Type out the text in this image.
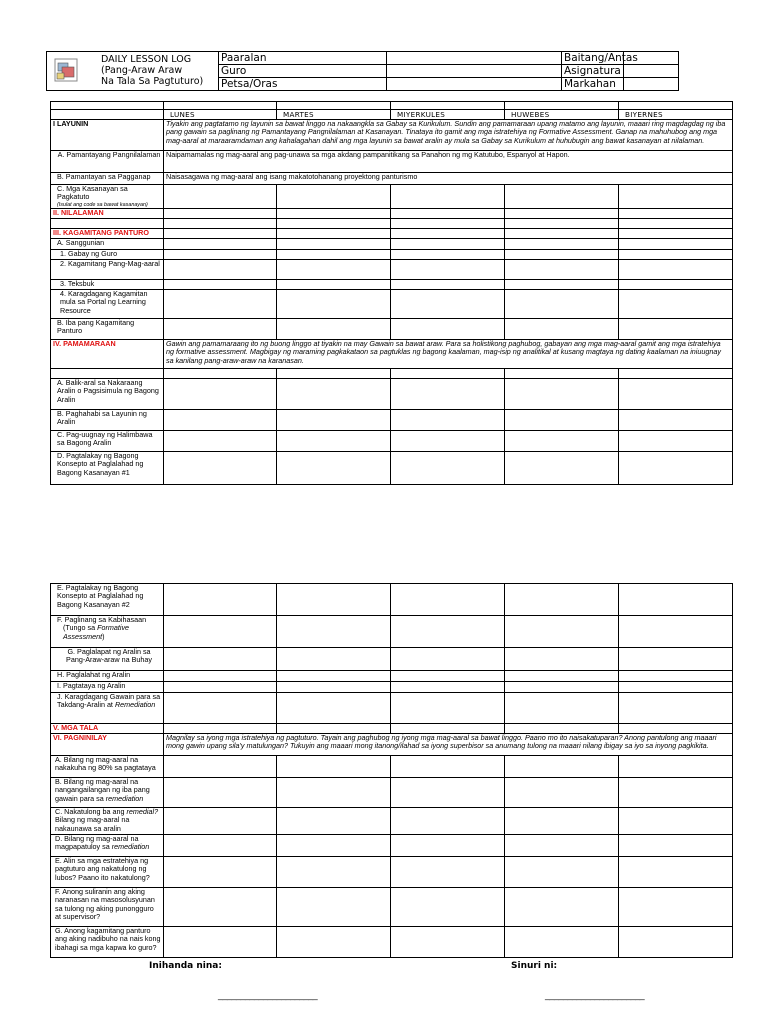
DAILY LESSON LOG
(Pang-Araw Araw
Na Tala Sa Pagtuturo)	Paaralan		Baitang/Antas	
	Guro		Asignatura	
	Petsa/Oras		Markahan	

	LUNES	MARTES	MIYERKULES	HUWEBES	BIYERNES
I LAYUNIN	Tiyakin ang pagtatamo ng layunin sa bawat linggo na nakaangkla sa Gabay sa Kurikulum. Sundin ang pamamaraan upang matamo ang layunin, maaari ring magdagdag ng iba pang gawain sa paglinang ng Pamantayang Pangnilalaman at Kasanayan. Tinataya ito gamit ang mga istratehiya ng Formative Assessment. Ganap na mahuhubog ang mga mag-aaral at maraaramdaman ang kahalagahan dahil ang mga layunin sa bawat aralin ay mula sa Gabay sa Kurikulum at huhubugin ang bawat kasanayan at nilalaman.				
A. Pamantayang Pangnilalaman	Naipamamalas ng mag-aaral ang pag-unawa sa mga akdang pampanitikang sa Panahon ng mg Katutubo, Espanyol at Hapon.				
B. Pamantayan sa Pagganap	Naisasagawa ng mag-aaral ang isang makatotohanang proyektong panturismo				

C. Mga Kasanayan sa Pagkatuto
(Isulat ang code sa bawat kasanayan)					

II. NILALAMAN					

III. KAGAMITANG PANTURO					
A. Sanggunian					
1. Gabay ng Guro					
2. Kagamitang Pang-Mag-aaral					
3. Teksbuk					
4. Karagdagang Kagamitan mula sa Portal ng Learning Resource					
B. Iba pang Kagamitang Panturo					
IV. PAMAMARAAN	Gawin ang pamamaraang ito ng buong linggo at tiyakin na may Gawain sa bawat araw. Para sa holistikong paghubog, gabayan ang mga mag-aaral gamit ang mga istratehiya ng formative assessment. Magbigay ng maraming pagkakataon sa pagtuklas ng bagong kaalaman, mag-isip ng analitikal at kusang magtaya ng dating kaalaman na iniuugnay sa kanilang pang-araw-araw na karanasan.				

A. Balik-aral sa Nakaraang Aralin o Pagsisimula ng Bagong Aralin					
B. Paghahabi sa Layunin ng Aralin					
C. Pag-uugnay ng Halimbawa sa Bagong Aralin					
D. Pagtalakay ng Bagong Konsepto at Paglalahad ng Bagong Kasanayan #1					
E. Pagtalakay ng Bagong Konsepto at Paglalahad ng Bagong Kasanayan #2					

F. Paglinang sa Kabihasaan
(Tungo sa Formative Assessment)					

G. Paglalapat ng Aralin sa Pang-Araw-araw na Buhay					
H. Paglalahat ng Aralin					
I. Pagtataya ng Aralin					
J. Karagdagang Gawain para sa Takdang-Aralin at Remediation					
V. MGA TALA					
VI. PAGNINILAY	Magnilay sa iyong mga istratehiya ng pagtuturo. Tayain ang paghubog ng iyong mga mag-aaral sa bawat linggo. Paano mo ito naisakatuparan? Anong pantulong ang maaari mong gawin upang sila'y matulungan? Tukuyin ang maaari mong itanong/ilahad sa iyong superbisor sa anumang tulong na maaari nilang ibigay sa iyo sa inyong pagkikita.				
A. Bilang ng mag-aaral na nakakuha ng 80% sa pagtataya					
B. Bilang ng mag-aaral na nangangailangan ng iba pang gawain para sa remediation					
C. Nakatulong ba ang remedial? Bilang ng mag-aaral na nakaunawa sa aralin					
D. Bilang ng mag-aaral na magpapatuloy sa remediation					
E. Alin sa mga estratehiya ng pagtuturo ang nakatulong ng lubos? Paano ito nakatulong?					
F. Anong suliranin ang aking naranasan na masosolusyunan sa tulong ng aking punongguro at supervisor?					
G. Anong kagamitang panturo ang aking nadibuho na nais kong ibahagi sa mga kapwa ko guro?					
Inihanda nina:	Sinuri ni:
______________________	______________________
